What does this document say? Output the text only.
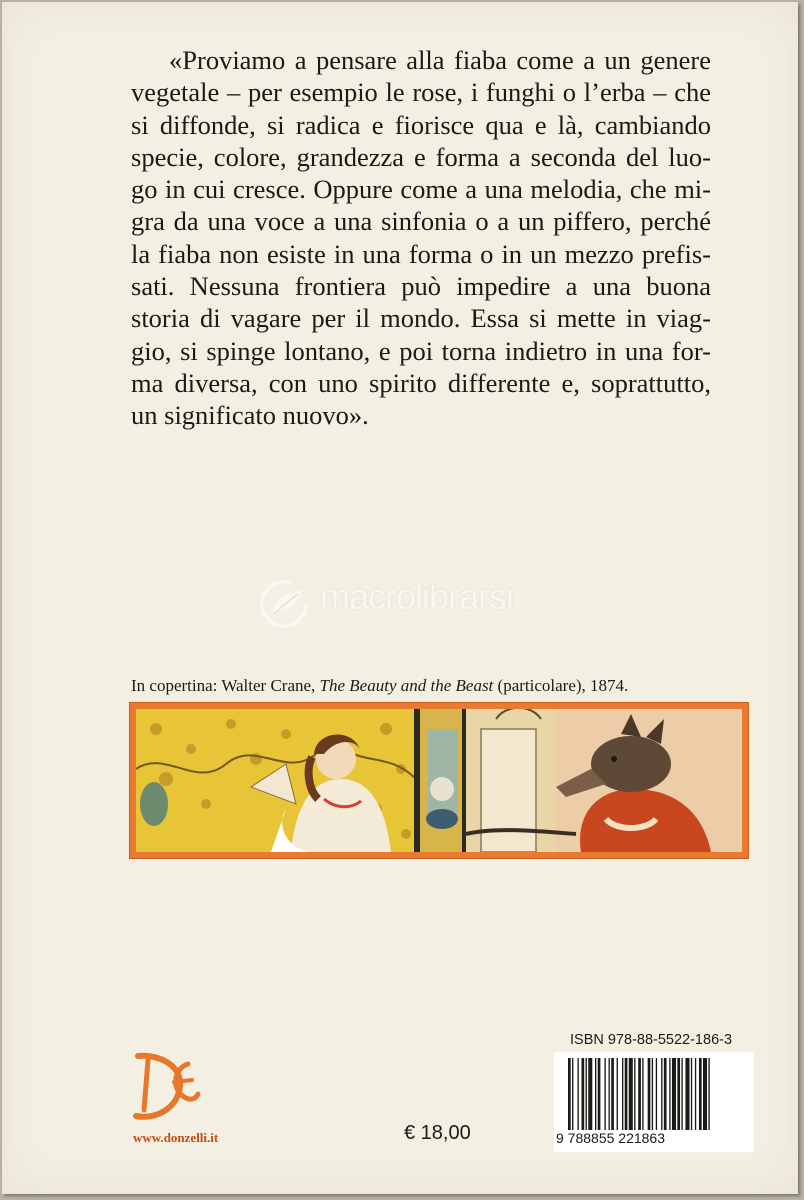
«Proviamo a pensare alla fiaba come a un genere vegetale – per esempio le rose, i funghi o l’erba – che si diffonde, si radica e fiorisce qua e là, cambiando specie, colore, grandezza e forma a seconda del luo- go in cui cresce. Oppure come a una melodia, che mi- gra da una voce a una sinfonia o a un piffero, perché la fiaba non esiste in una forma o in un mezzo prefis- sati. Nessuna frontiera può impedire a una buona storia di vagare per il mondo. Essa si mette in viag- gio, si spinge lontano, e poi torna indietro in una for- ma diversa, con uno spirito differente e, soprattutto, un significato nuovo».

macrolibrarsi
ALTERNATIVA NATURALE

In copertina: Walter Crane, The Beauty and the Beast (particolare), 1874.

www.donzelli.it	€ 18,00
ISBN 978-88-5522-186-3
9 788855 221863
